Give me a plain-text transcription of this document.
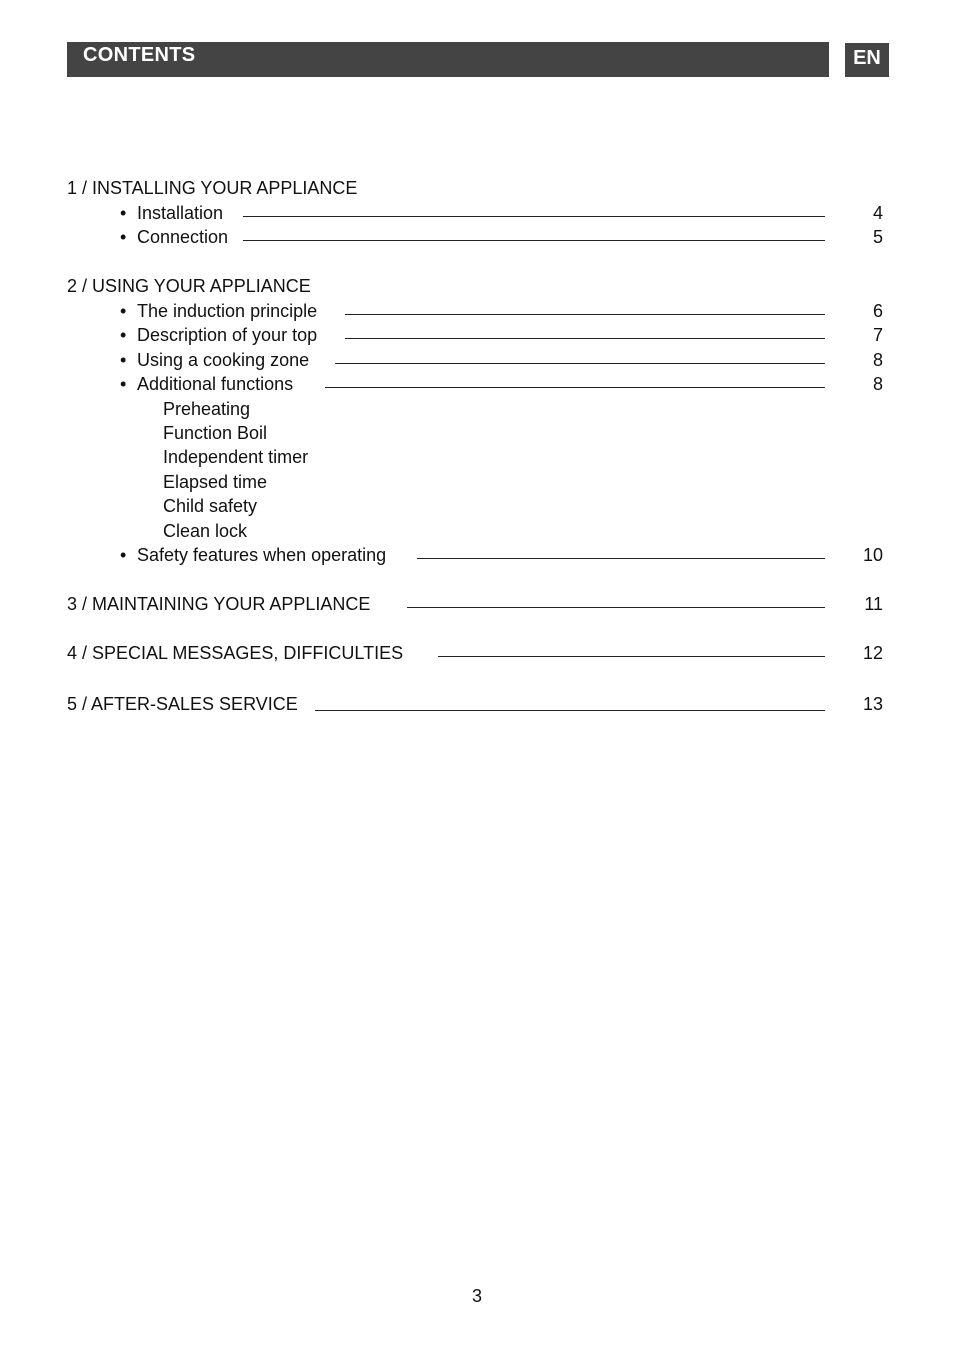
CONTENTS	EN
1 / INSTALLING YOUR APPLIANCE
• Installation	4
• Connection	5
2 / USING YOUR APPLIANCE
• The induction principle	6
• Description of your top	7
• Using a cooking zone	8
• Additional functions	8
Preheating
Function Boil
Independent timer
Elapsed time
Child safety
Clean lock
• Safety features when operating	10
3 / MAINTAINING YOUR APPLIANCE	11
4 / SPECIAL MESSAGES, DIFFICULTIES	12
5 / AFTER-SALES SERVICE	13
3
